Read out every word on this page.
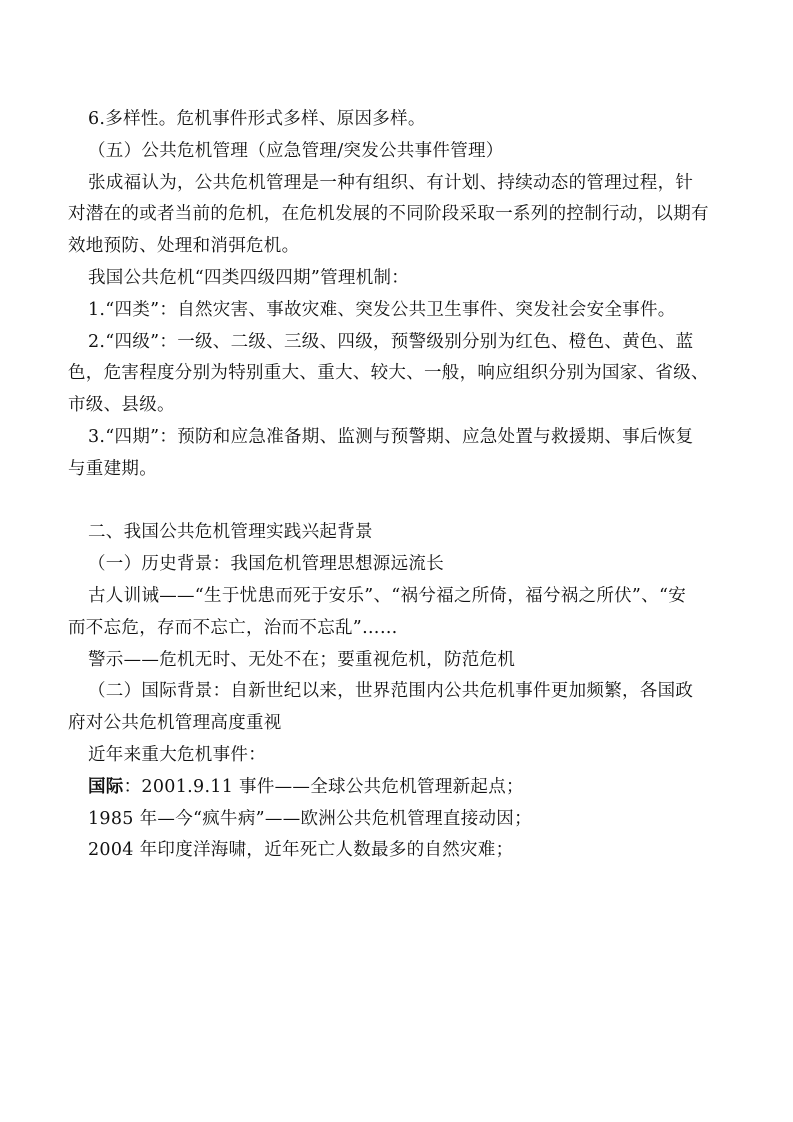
6.多样性。危机事件形式多样、原因多样。
（五）公共危机管理（应急管理/突发公共事件管理）
张成福认为，公共危机管理是一种有组织、有计划、持续动态的管理过程，针
对潜在的或者当前的危机，在危机发展的不同阶段采取一系列的控制行动，以期有
效地预防、处理和消弭危机。
我国公共危机“四类四级四期”管理机制：
1.“四类”：自然灾害、事故灾难、突发公共卫生事件、突发社会安全事件。
2.“四级”：一级、二级、三级、四级，预警级别分别为红色、橙色、黄色、蓝
色，危害程度分别为特别重大、重大、较大、一般，响应组织分别为国家、省级、
市级、县级。
3.“四期”：预防和应急准备期、监测与预警期、应急处置与救援期、事后恢复
与重建期。
二、我国公共危机管理实践兴起背景
（一）历史背景：我国危机管理思想源远流长
古人训诫——“生于忧患而死于安乐”、“祸兮福之所倚，福兮祸之所伏”、“安
而不忘危，存而不忘亡，治而不忘乱”……
警示——危机无时、无处不在；要重视危机，防范危机
（二）国际背景：自新世纪以来，世界范围内公共危机事件更加频繁，各国政
府对公共危机管理高度重视
近年来重大危机事件：
国际：2001.9.11 事件——全球公共危机管理新起点；
1985 年—今“疯牛病”——欧洲公共危机管理直接动因；
2004 年印度洋海啸，近年死亡人数最多的自然灾难；
